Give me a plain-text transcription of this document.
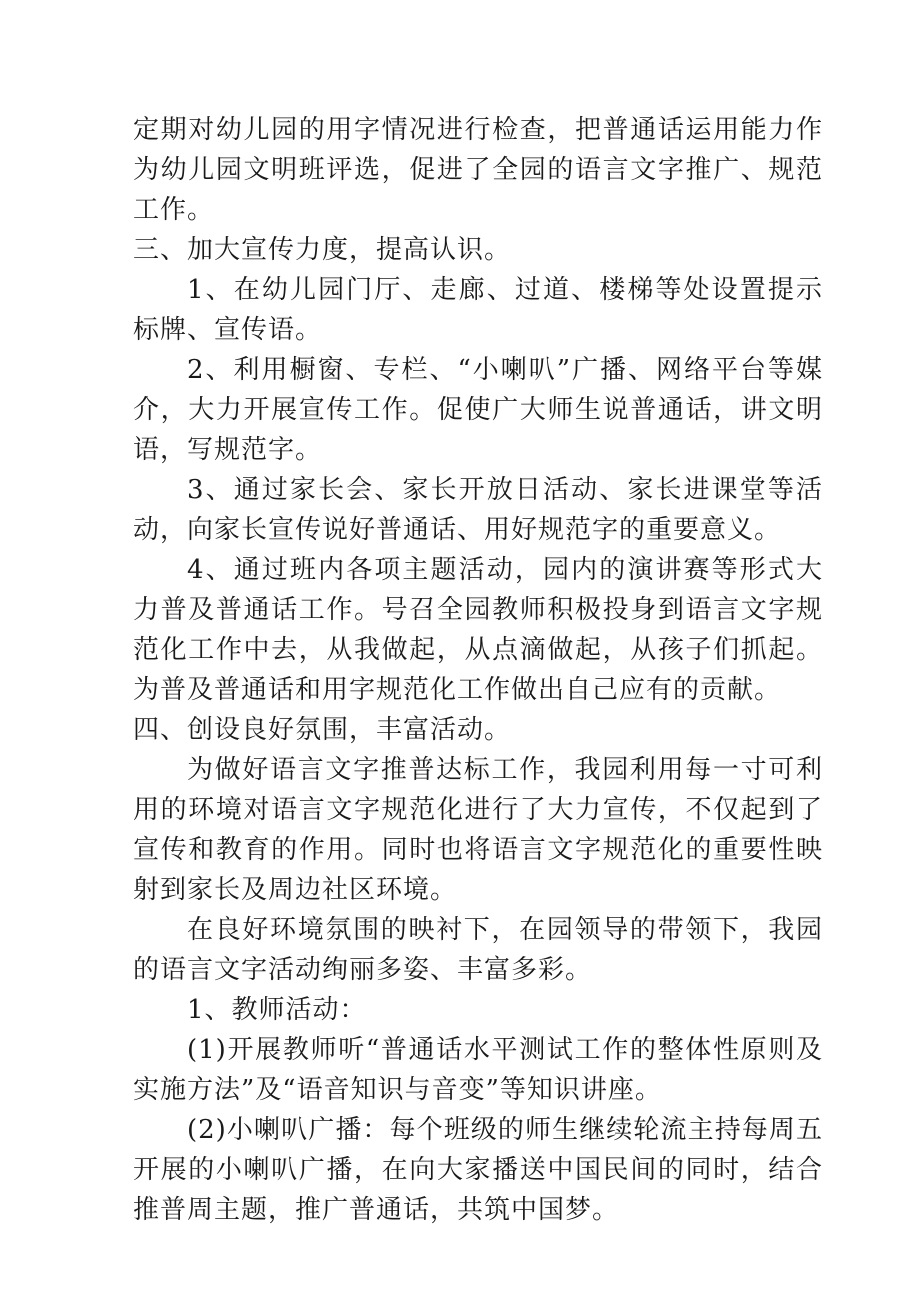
定期对幼儿园的用字情况进行检查，把普通话运用能力作为幼儿园文明班评选，促进了全园的语言文字推广、规范工作。

三、加大宣传力度，提高认识。

1、在幼儿园门厅、走廊、过道、楼梯等处设置提示标牌、宣传语。

2、利用橱窗、专栏、“小喇叭”广播、网络平台等媒介，大力开展宣传工作。促使广大师生说普通话，讲文明语，写规范字。

3、通过家长会、家长开放日活动、家长进课堂等活动，向家长宣传说好普通话、用好规范字的重要意义。

4、通过班内各项主题活动，园内的演讲赛等形式大力普及普通话工作。号召全园教师积极投身到语言文字规范化工作中去，从我做起，从点滴做起，从孩子们抓起。为普及普通话和用字规范化工作做出自己应有的贡献。

四、创设良好氛围，丰富活动。

为做好语言文字推普达标工作，我园利用每一寸可利用的环境对语言文字规范化进行了大力宣传，不仅起到了宣传和教育的作用。同时也将语言文字规范化的重要性映射到家长及周边社区环境。

在良好环境氛围的映衬下，在园领导的带领下，我园的语言文字活动绚丽多姿、丰富多彩。

1、教师活动：

(1)开展教师听“普通话水平测试工作的整体性原则及实施方法”及“语音知识与音变”等知识讲座。

(2)小喇叭广播：每个班级的师生继续轮流主持每周五开展的小喇叭广播，在向大家播送中国民间的同时，结合推普周主题，推广普通话，共筑中国梦。
